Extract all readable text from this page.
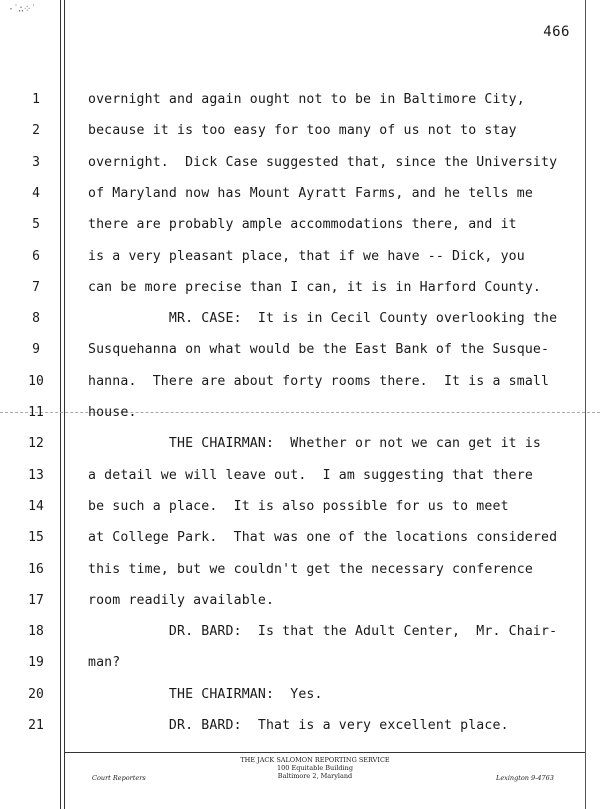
·˙∴⁘˙
466
1	overnight and again ought not to be in Baltimore City,
2	because it is too easy for too many of us not to stay
3	overnight.  Dick Case suggested that, since the University
4	of Maryland now has Mount Ayratt Farms, and he tells me
5	there are probably ample accommodations there, and it
6	is a very pleasant place, that if we have -- Dick, you
7	can be more precise than I can, it is in Harford County.
8	MR. CASE:  It is in Cecil County overlooking the
9	Susquehanna on what would be the East Bank of the Susque-
10	hanna.  There are about forty rooms there.  It is a small
11	house.
12	THE CHAIRMAN:  Whether or not we can get it is
13	a detail we will leave out.  I am suggesting that there
14	be such a place.  It is also possible for us to meet
15	at College Park.  That was one of the locations considered
16	this time, but we couldn't get the necessary conference
17	room readily available.
18	DR. BARD:  Is that the Adult Center,  Mr. Chair-
19	man?
20	THE CHAIRMAN:  Yes.
21	DR. BARD:  That is a very excellent place.
THE JACK SALOMON REPORTING SERVICE
100 Equitable Building
Baltimore 2, Maryland
Court Reporters	Lexington 9-4763
